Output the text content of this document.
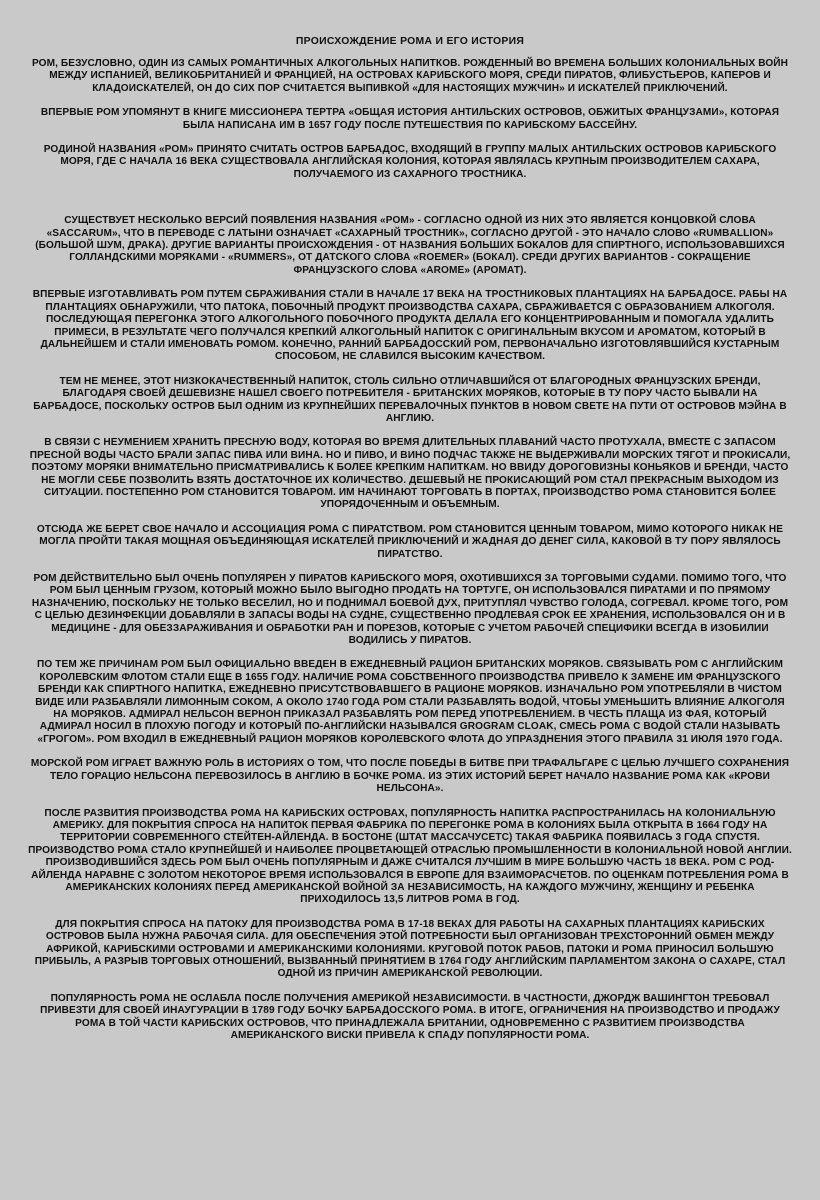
ПРОИСХОЖДЕНИЕ РОМА И ЕГО ИСТОРИЯ

РОМ, БЕЗУСЛОВНО, ОДИН ИЗ САМЫХ РОМАНТИЧНЫХ АЛКОГОЛЬНЫХ НАПИТКОВ. РОЖДЕННЫЙ ВО ВРЕМЕНА БОЛЬШИХ КОЛОНИАЛЬНЫХ ВОЙН МЕЖДУ ИСПАНИЕЙ, ВЕЛИКОБРИТАНИЕЙ И ФРАНЦИЕЙ, НА ОСТРОВАХ КАРИБСКОГО МОРЯ, СРЕДИ ПИРАТОВ, ФЛИБУСТЬЕРОВ, КАПЕРОВ И КЛАДОИСКАТЕЛЕЙ, ОН ДО СИХ ПОР СЧИТАЕТСЯ ВЫПИВКОЙ «ДЛЯ НАСТОЯЩИХ МУЖЧИН» И ИСКАТЕЛЕЙ ПРИКЛЮЧЕНИЙ.

ВПЕРВЫЕ РОМ УПОМЯНУТ В КНИГЕ МИССИОНЕРА ТЕРТРА «ОБЩАЯ ИСТОРИЯ АНТИЛЬСКИХ ОСТРОВОВ, ОБЖИТЫХ ФРАНЦУЗАМИ», КОТОРАЯ БЫЛА НАПИСАНА ИМ В 1657 ГОДУ ПОСЛЕ ПУТЕШЕСТВИЯ ПО КАРИБСКОМУ БАССЕЙНУ.

РОДИНОЙ НАЗВАНИЯ «РОМ» ПРИНЯТО СЧИТАТЬ ОСТРОВ БАРБАДОС, ВХОДЯЩИЙ В ГРУППУ МАЛЫХ АНТИЛЬСКИХ ОСТРОВОВ КАРИБСКОГО МОРЯ, ГДЕ С НАЧАЛА 16 ВЕКА СУЩЕСТВОВАЛА АНГЛИЙСКАЯ КОЛОНИЯ, КОТОРАЯ ЯВЛЯЛАСЬ КРУПНЫМ ПРОИЗВОДИТЕЛЕМ САХАРА, ПОЛУЧАЕМОГО ИЗ САХАРНОГО ТРОСТНИКА.

СУЩЕСТВУЕТ НЕСКОЛЬКО ВЕРСИЙ ПОЯВЛЕНИЯ НАЗВАНИЯ «РОМ» - СОГЛАСНО ОДНОЙ ИЗ НИХ ЭТО ЯВЛЯЕТСЯ КОНЦОВКОЙ СЛОВА «SACCARUM», ЧТО В ПЕРЕВОДЕ С ЛАТЫНИ ОЗНАЧАЕТ «САХАРНЫЙ ТРОСТНИК», СОГЛАСНО ДРУГОЙ - ЭТО НАЧАЛО СЛОВО «RUMBALLION» (БОЛЬШОЙ ШУМ, ДРАКА). ДРУГИЕ ВАРИАНТЫ ПРОИСХОЖДЕНИЯ - ОТ НАЗВАНИЯ БОЛЬШИХ БОКАЛОВ ДЛЯ СПИРТНОГО, ИСПОЛЬЗОВАВШИХСЯ ГОЛЛАНДСКИМИ МОРЯКАМИ - «RUMMERS», ОТ ДАТСКОГО СЛОВА «ROEMER» (БОКАЛ). СРЕДИ ДРУГИХ ВАРИАНТОВ - СОКРАЩЕНИЕ ФРАНЦУЗСКОГО СЛОВА «AROME» (АРОМАТ).

ВПЕРВЫЕ ИЗГОТАВЛИВАТЬ РОМ ПУТЕМ СБРАЖИВАНИЯ СТАЛИ В НАЧАЛЕ 17 ВЕКА НА ТРОСТНИКОВЫХ ПЛАНТАЦИЯХ НА БАРБАДОСЕ. РАБЫ НА ПЛАНТАЦИЯХ ОБНАРУЖИЛИ, ЧТО ПАТОКА, ПОБОЧНЫЙ ПРОДУКТ ПРОИЗВОДСТВА САХАРА, СБРАЖИВАЕТСЯ С ОБРАЗОВАНИЕМ АЛКОГОЛЯ. ПОСЛЕДУЮЩАЯ ПЕРЕГОНКА ЭТОГО АЛКОГОЛЬНОГО ПОБОЧНОГО ПРОДУКТА ДЕЛАЛА ЕГО КОНЦЕНТРИРОВАННЫМ И ПОМОГАЛА УДАЛИТЬ ПРИМЕСИ, В РЕЗУЛЬТАТЕ ЧЕГО ПОЛУЧАЛСЯ КРЕПКИЙ АЛКОГОЛЬНЫЙ НАПИТОК С ОРИГИНАЛЬНЫМ ВКУСОМ И АРОМАТОМ, КОТОРЫЙ В ДАЛЬНЕЙШЕМ И СТАЛИ ИМЕНОВАТЬ РОМОМ. КОНЕЧНО, РАННИЙ БАРБАДОССКИЙ РОМ, ПЕРВОНАЧАЛЬНО ИЗГОТОВЛЯВШИЙСЯ КУСТАРНЫМ СПОСОБОМ, НЕ СЛАВИЛСЯ ВЫСОКИМ КАЧЕСТВОМ.

ТЕМ НЕ МЕНЕЕ, ЭТОТ НИЗКОКАЧЕСТВЕННЫЙ НАПИТОК, СТОЛЬ СИЛЬНО ОТЛИЧАВШИЙСЯ ОТ БЛАГОРОДНЫХ ФРАНЦУЗСКИХ БРЕНДИ, БЛАГОДАРЯ СВОЕЙ ДЕШЕВИЗНЕ НАШЕЛ СВОЕГО ПОТРЕБИТЕЛЯ - БРИТАНСКИХ МОРЯКОВ, КОТОРЫЕ В ТУ ПОРУ ЧАСТО БЫВАЛИ НА БАРБАДОСЕ, ПОСКОЛЬКУ ОСТРОВ БЫЛ ОДНИМ ИЗ КРУПНЕЙШИХ ПЕРЕВАЛОЧНЫХ ПУНКТОВ В НОВОМ СВЕТЕ НА ПУТИ ОТ ОСТРОВОВ МЭЙНА В АНГЛИЮ.

В СВЯЗИ С НЕУМЕНИЕМ ХРАНИТЬ ПРЕСНУЮ ВОДУ, КОТОРАЯ ВО ВРЕМЯ ДЛИТЕЛЬНЫХ ПЛАВАНИЙ ЧАСТО ПРОТУХАЛА, ВМЕСТЕ С ЗАПАСОМ ПРЕСНОЙ ВОДЫ ЧАСТО БРАЛИ ЗАПАС ПИВА ИЛИ ВИНА. НО И ПИВО, И ВИНО ПОДЧАС ТАКЖЕ НЕ ВЫДЕРЖИВАЛИ МОРСКИХ ТЯГОТ И ПРОКИСАЛИ, ПОЭТОМУ МОРЯКИ ВНИМАТЕЛЬНО ПРИСМАТРИВАЛИСЬ К БОЛЕЕ КРЕПКИМ НАПИТКАМ. НО ВВИДУ ДОРОГОВИЗНЫ КОНЬЯКОВ И БРЕНДИ, ЧАСТО НЕ МОГЛИ СЕБЕ ПОЗВОЛИТЬ ВЗЯТЬ ДОСТАТОЧНОЕ ИХ КОЛИЧЕСТВО. ДЕШЕВЫЙ НЕ ПРОКИСАЮЩИЙ РОМ СТАЛ ПРЕКРАСНЫМ ВЫХОДОМ ИЗ СИТУАЦИИ. ПОСТЕПЕННО РОМ СТАНОВИТСЯ ТОВАРОМ. ИМ НАЧИНАЮТ ТОРГОВАТЬ В ПОРТАХ, ПРОИЗВОДСТВО РОМА СТАНОВИТСЯ БОЛЕЕ УПОРЯДОЧЕННЫМ И ОБЪЕМНЫМ.

ОТСЮДА ЖЕ БЕРЕТ СВОЕ НАЧАЛО И АССОЦИАЦИЯ РОМА С ПИРАТСТВОМ. РОМ СТАНОВИТСЯ ЦЕННЫМ ТОВАРОМ, МИМО КОТОРОГО НИКАК НЕ МОГЛА ПРОЙТИ ТАКАЯ МОЩНАЯ ОБЪЕДИНЯЮЩАЯ ИСКАТЕЛЕЙ ПРИКЛЮЧЕНИЙ И ЖАДНАЯ ДО ДЕНЕГ СИЛА, КАКОВОЙ В ТУ ПОРУ ЯВЛЯЛОСЬ ПИРАТСТВО.

РОМ ДЕЙСТВИТЕЛЬНО БЫЛ ОЧЕНЬ ПОПУЛЯРЕН У ПИРАТОВ КАРИБСКОГО МОРЯ, ОХОТИВШИХСЯ ЗА ТОРГОВЫМИ СУДАМИ. ПОМИМО ТОГО, ЧТО РОМ БЫЛ ЦЕННЫМ ГРУЗОМ, КОТОРЫЙ МОЖНО БЫЛО ВЫГОДНО ПРОДАТЬ НА ТОРТУГЕ, ОН ИСПОЛЬЗОВАЛСЯ ПИРАТАМИ И ПО ПРЯМОМУ НАЗНАЧЕНИЮ, ПОСКОЛЬКУ НЕ ТОЛЬКО ВЕСЕЛИЛ, НО И ПОДНИМАЛ БОЕВОЙ ДУХ, ПРИТУПЛЯЛ ЧУВСТВО ГОЛОДА, СОГРЕВАЛ. КРОМЕ ТОГО, РОМ С ЦЕЛЬЮ ДЕЗИНФЕКЦИИ ДОБАВЛЯЛИ В ЗАПАСЫ ВОДЫ НА СУДНЕ, СУЩЕСТВЕННО ПРОДЛЕВАЯ СРОК ЕЕ ХРАНЕНИЯ, ИСПОЛЬЗОВАЛСЯ ОН И В МЕДИЦИНЕ - ДЛЯ ОБЕЗЗАРАЖИВАНИЯ И ОБРАБОТКИ РАН И ПОРЕЗОВ, КОТОРЫЕ С УЧЕТОМ РАБОЧЕЙ СПЕЦИФИКИ ВСЕГДА В ИЗОБИЛИИ ВОДИЛИСЬ У ПИРАТОВ.

ПО ТЕМ ЖЕ ПРИЧИНАМ РОМ БЫЛ ОФИЦИАЛЬНО ВВЕДЕН В ЕЖЕДНЕВНЫЙ РАЦИОН БРИТАНСКИХ МОРЯКОВ. СВЯЗЫВАТЬ РОМ С АНГЛИЙСКИМ КОРОЛЕВСКИМ ФЛОТОМ СТАЛИ ЕЩЕ В 1655 ГОДУ. НАЛИЧИЕ РОМА СОБСТВЕННОГО ПРОИЗВОДСТВА ПРИВЕЛО К ЗАМЕНЕ ИМ ФРАНЦУЗСКОГО БРЕНДИ КАК СПИРТНОГО НАПИТКА, ЕЖЕДНЕВНО ПРИСУТСТВОВАВШЕГО В РАЦИОНЕ МОРЯКОВ. ИЗНАЧАЛЬНО РОМ УПОТРЕБЛЯЛИ В ЧИСТОМ ВИДЕ ИЛИ РАЗБАВЛЯЛИ ЛИМОННЫМ СОКОМ, А ОКОЛО 1740 ГОДА РОМ СТАЛИ РАЗБАВЛЯТЬ ВОДОЙ, ЧТОБЫ УМЕНЬШИТЬ ВЛИЯНИЕ АЛКОГОЛЯ НА МОРЯКОВ. АДМИРАЛ НЕЛЬСОН ВЕРНОН ПРИКАЗАЛ РАЗБАВЛЯТЬ РОМ ПЕРЕД УПОТРЕБЛЕНИЕМ. В ЧЕСТЬ ПЛАЩА ИЗ ФАЯ, КОТОРЫЙ АДМИРАЛ НОСИЛ В ПЛОХУЮ ПОГОДУ И КОТОРЫЙ ПО-АНГЛИЙСКИ НАЗЫВАЛСЯ GROGRAM CLOAK, СМЕСЬ РОМА С ВОДОЙ СТАЛИ НАЗЫВАТЬ «ГРОГОМ». РОМ ВХОДИЛ В ЕЖЕДНЕВНЫЙ РАЦИОН МОРЯКОВ КОРОЛЕВСКОГО ФЛОТА ДО УПРАЗДНЕНИЯ ЭТОГО ПРАВИЛА 31 ИЮЛЯ 1970 ГОДА.

МОРСКОЙ РОМ ИГРАЕТ ВАЖНУЮ РОЛЬ В ИСТОРИЯХ О ТОМ, ЧТО ПОСЛЕ ПОБЕДЫ В БИТВЕ ПРИ ТРАФАЛЬГАРЕ С ЦЕЛЬЮ ЛУЧШЕГО СОХРАНЕНИЯ ТЕЛО ГОРАЦИО НЕЛЬСОНА ПЕРЕВОЗИЛОСЬ В АНГЛИЮ В БОЧКЕ РОМА. ИЗ ЭТИХ ИСТОРИЙ БЕРЕТ НАЧАЛО НАЗВАНИЕ РОМА КАК «КРОВИ НЕЛЬСОНА».

ПОСЛЕ РАЗВИТИЯ ПРОИЗВОДСТВА РОМА НА КАРИБСКИХ ОСТРОВАХ, ПОПУЛЯРНОСТЬ НАПИТКА РАСПРОСТРАНИЛАСЬ НА КОЛОНИАЛЬНУЮ АМЕРИКУ. ДЛЯ ПОКРЫТИЯ СПРОСА НА НАПИТОК ПЕРВАЯ ФАБРИКА ПО ПЕРЕГОНКЕ РОМА В КОЛОНИЯХ БЫЛА ОТКРЫТА В 1664 ГОДУ НА ТЕРРИТОРИИ СОВРЕМЕННОГО СТЕЙТЕН-АЙЛЕНДА. В БОСТОНЕ (ШТАТ МАССАЧУСЕТС) ТАКАЯ ФАБРИКА ПОЯВИЛАСЬ 3 ГОДА СПУСТЯ. ПРОИЗВОДСТВО РОМА СТАЛО КРУПНЕЙШЕЙ И НАИБОЛЕЕ ПРОЦВЕТАЮЩЕЙ ОТРАСЛЬЮ ПРОМЫШЛЕННОСТИ В КОЛОНИАЛЬНОЙ НОВОЙ АНГЛИИ. ПРОИЗВОДИВШИЙСЯ ЗДЕСЬ РОМ БЫЛ ОЧЕНЬ ПОПУЛЯРНЫМ И ДАЖЕ СЧИТАЛСЯ ЛУЧШИМ В МИРЕ БОЛЬШУЮ ЧАСТЬ 18 ВЕКА. РОМ С РОД-АЙЛЕНДА НАРАВНЕ С ЗОЛОТОМ НЕКОТОРОЕ ВРЕМЯ ИСПОЛЬЗОВАЛСЯ В ЕВРОПЕ ДЛЯ ВЗАИМОРАСЧЕТОВ. ПО ОЦЕНКАМ ПОТРЕБЛЕНИЯ РОМА В АМЕРИКАНСКИХ КОЛОНИЯХ ПЕРЕД АМЕРИКАНСКОЙ ВОЙНОЙ ЗА НЕЗАВИСИМОСТЬ, НА КАЖДОГО МУЖЧИНУ, ЖЕНЩИНУ И РЕБЕНКА ПРИХОДИЛОСЬ 13,5 ЛИТРОВ РОМА В ГОД.

ДЛЯ ПОКРЫТИЯ СПРОСА НА ПАТОКУ ДЛЯ ПРОИЗВОДСТВА РОМА В 17-18 ВЕКАХ ДЛЯ РАБОТЫ НА САХАРНЫХ ПЛАНТАЦИЯХ КАРИБСКИХ ОСТРОВОВ БЫЛА НУЖНА РАБОЧАЯ СИЛА. ДЛЯ ОБЕСПЕЧЕНИЯ ЭТОЙ ПОТРЕБНОСТИ БЫЛ ОРГАНИЗОВАН ТРЕХСТОРОННИЙ ОБМЕН МЕЖДУ АФРИКОЙ, КАРИБСКИМИ ОСТРОВАМИ И АМЕРИКАНСКИМИ КОЛОНИЯМИ. КРУГОВОЙ ПОТОК РАБОВ, ПАТОКИ И РОМА ПРИНОСИЛ БОЛЬШУЮ ПРИБЫЛЬ, А РАЗРЫВ ТОРГОВЫХ ОТНОШЕНИЙ, ВЫЗВАННЫЙ ПРИНЯТИЕМ В 1764 ГОДУ АНГЛИЙСКИМ ПАРЛАМЕНТОМ ЗАКОНА О САХАРЕ, СТАЛ ОДНОЙ ИЗ ПРИЧИН АМЕРИКАНСКОЙ РЕВОЛЮЦИИ.

ПОПУЛЯРНОСТЬ РОМА НЕ ОСЛАБЛА ПОСЛЕ ПОЛУЧЕНИЯ АМЕРИКОЙ НЕЗАВИСИМОСТИ. В ЧАСТНОСТИ, ДЖОРДЖ ВАШИНГТОН ТРЕБОВАЛ ПРИВЕЗТИ ДЛЯ СВОЕЙ ИНАУГУРАЦИИ В 1789 ГОДУ БОЧКУ БАРБАДОССКОГО РОМА. В ИТОГЕ, ОГРАНИЧЕНИЯ НА ПРОИЗВОДСТВО И ПРОДАЖУ РОМА В ТОЙ ЧАСТИ КАРИБСКИХ ОСТРОВОВ, ЧТО ПРИНАДЛЕЖАЛА БРИТАНИИ, ОДНОВРЕМЕННО С РАЗВИТИЕМ ПРОИЗВОДСТВА АМЕРИКАНСКОГО ВИСКИ ПРИВЕЛА К СПАДУ ПОПУЛЯРНОСТИ РОМА.
